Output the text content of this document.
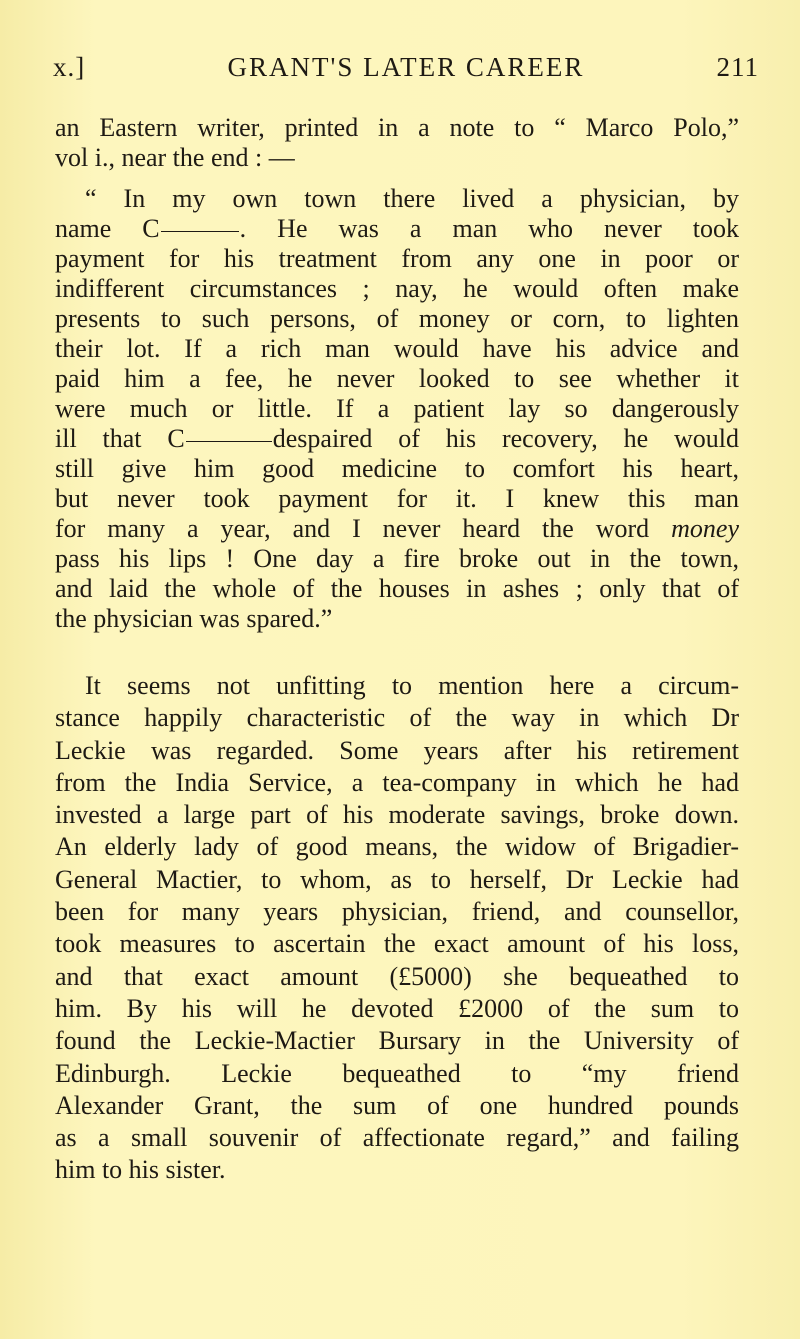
x.]	GRANT'S LATER CAREER	211
an Eastern writer, printed in a note to “ Marco Polo,”
vol i., near the end : —
“ In my own town there lived a physician, by
name C	. He was a man who never took
payment for his treatment from any one in poor or
indifferent circumstances ; nay, he would often make
presents to such persons, of money or corn, to lighten
their lot. If a rich man would have his advice and
paid him a fee, he never looked to see whether it
were much or little. If a patient lay so dangerously
ill that C	despaired of his recovery, he would
still give him good medicine to comfort his heart,
but never took payment for it. I knew this man
for many a year, and I never heard the word money
pass his lips ! One day a fire broke out in the town,
and laid the whole of the houses in ashes ; only that of
the physician was spared.”
It seems not unfitting to mention here a circum-
stance happily characteristic of the way in which Dr
Leckie was regarded. Some years after his retirement
from the India Service, a tea-company in which he had
invested a large part of his moderate savings, broke down.
An elderly lady of good means, the widow of Brigadier-
General Mactier, to whom, as to herself, Dr Leckie had
been for many years physician, friend, and counsellor,
took measures to ascertain the exact amount of his loss,
and that exact amount (£5000) she bequeathed to
him. By his will he devoted £2000 of the sum to
found the Leckie-Mactier Bursary in the University of
Edinburgh. Leckie bequeathed to “my friend
Alexander Grant, the sum of one hundred pounds
as a small souvenir of affectionate regard,” and failing
him to his sister.
